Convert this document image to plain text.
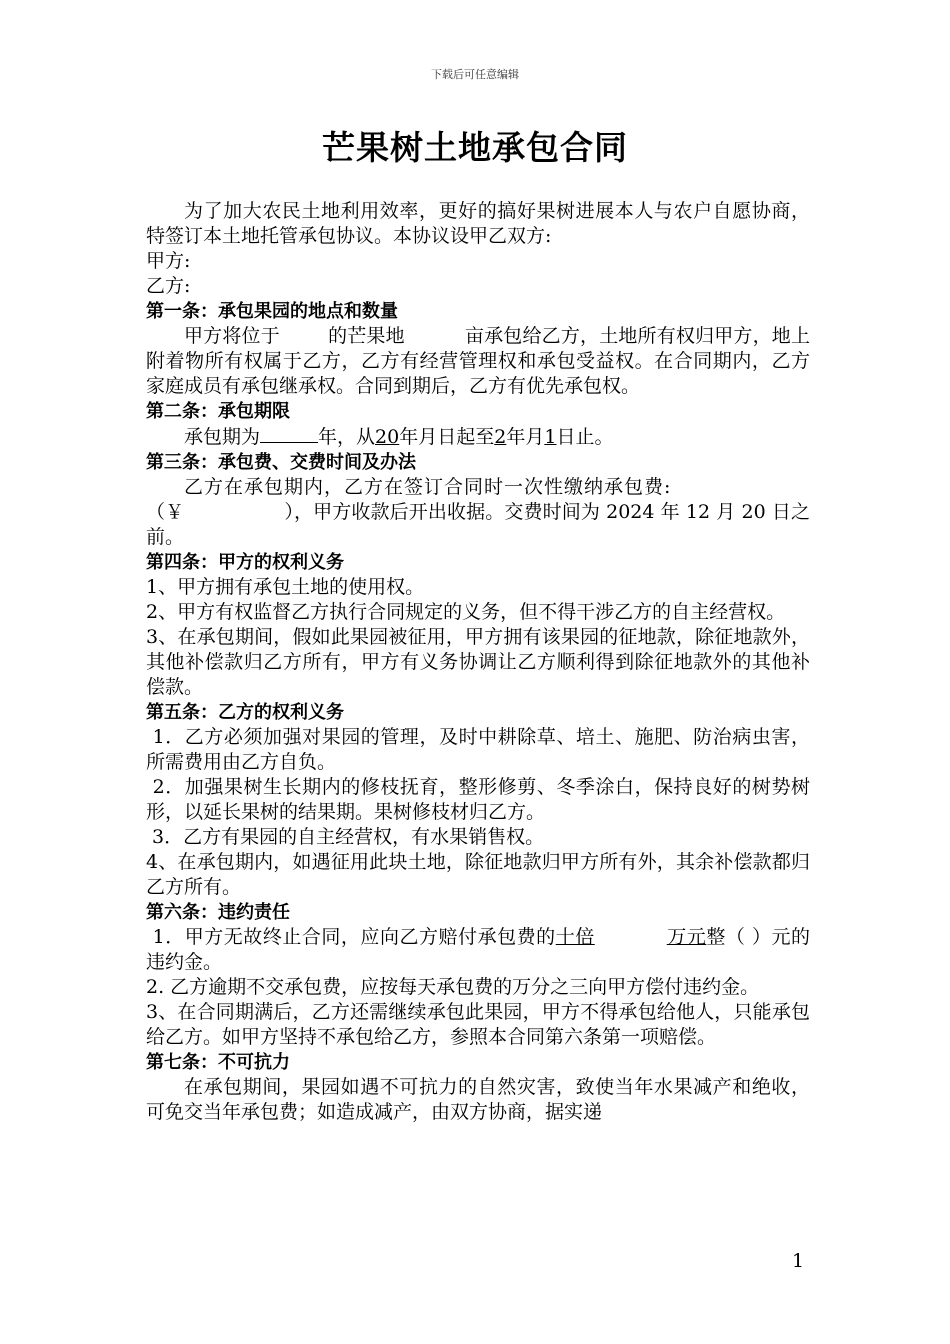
下载后可任意编辑
芒果树土地承包合同

为了加大农民土地利用效率，更好的搞好果树进展本人与农户自愿协商，特签订本土地托管承包协议。本协议设甲乙双方:

甲方:

乙方:

第一条：承包果园的地点和数量

甲方将位于	的芒果地	亩承包给乙方，土地所有权归甲方，地上附着物所有权属于乙方，乙方有经营管理权和承包受益权。在合同期内，乙方家庭成员有承包继承权。合同到期后，乙方有优先承包权。

第二条：承包期限

承包期为	年，从20年月日起至2年月1日止。

第三条：承包费、交费时间及办法

乙方在承包期内，乙方在签订合同时一次性缴纳承包费:

（￥	），甲方收款后开出收据。交费时间为 2024 年 12 月 20 日之前。

第四条：甲方的权利义务

1、甲方拥有承包土地的使用权。

2、甲方有权监督乙方执行合同规定的义务，但不得干涉乙方的自主经营权。

3、在承包期间，假如此果园被征用，甲方拥有该果园的征地款，除征地款外，其他补偿款归乙方所有，甲方有义务协调让乙方顺利得到除征地款外的其他补偿款。

第五条：乙方的权利义务

1．乙方必须加强对果园的管理，及时中耕除草、培土、施肥、防治病虫害，所需费用由乙方自负。

2．加强果树生长期内的修枝抚育，整形修剪、冬季涂白，保持良好的树势树形，以延长果树的结果期。果树修枝材归乙方。

3．乙方有果园的自主经营权，有水果销售权。

4、在承包期内，如遇征用此块土地，除征地款归甲方所有外，其余补偿款都归乙方所有。

第六条：违约责任

1．甲方无故终止合同，应向乙方赔付承包费的十倍	万元整（ ）元的违约金。

2. 乙方逾期不交承包费，应按每天承包费的万分之三向甲方偿付违约金。

3、在合同期满后，乙方还需继续承包此果园，甲方不得承包给他人，只能承包给乙方。如甲方坚持不承包给乙方，参照本合同第六条第一项赔偿。

第七条：不可抗力

在承包期间，果园如遇不可抗力的自然灾害，致使当年水果减产和绝收，可免交当年承包费；如造成减产，由双方协商，据实递

1
